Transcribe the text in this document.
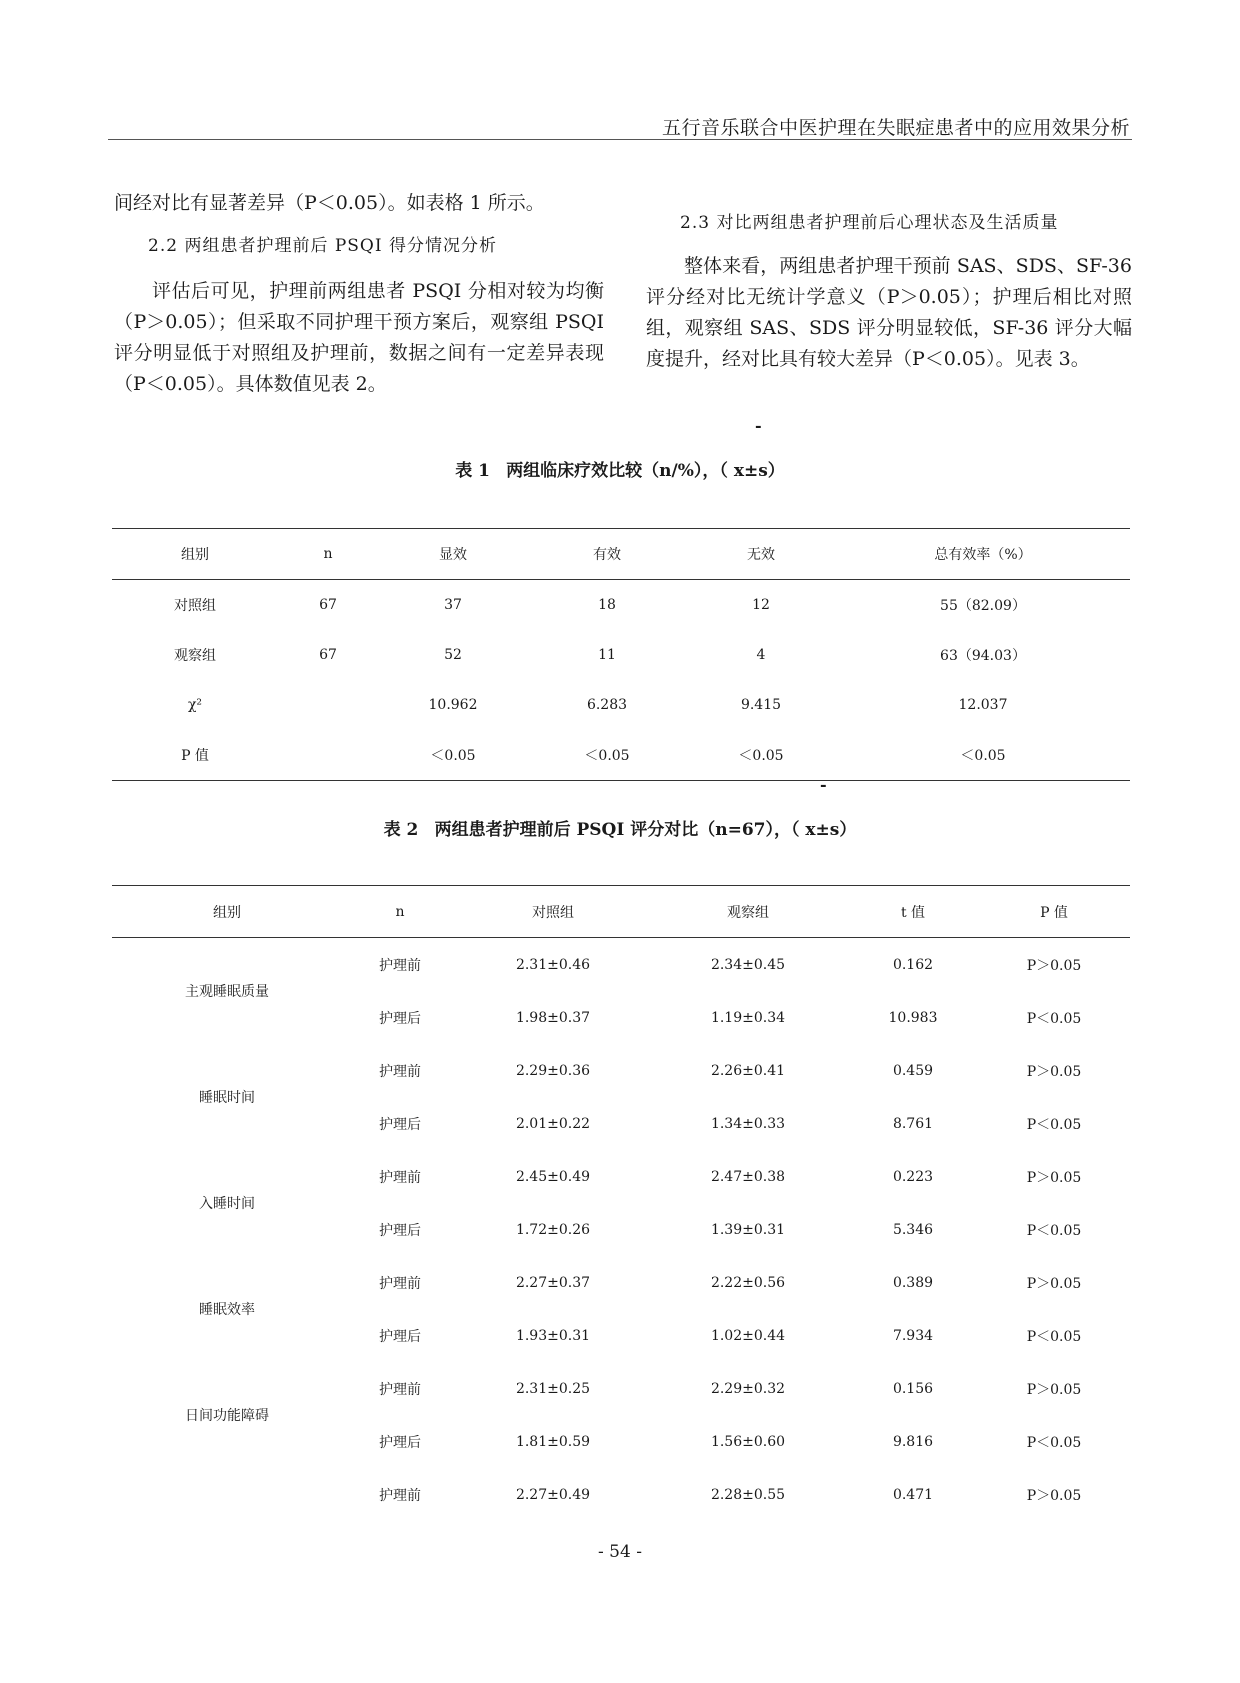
五行音乐联合中医护理在失眠症患者中的应用效果分析

间经对比有显著差异（P＜0.05）。如表格 1 所示。

2.2 两组患者护理前后 PSQI 得分情况分析

评估后可见，护理前两组患者 PSQI 分相对较为均衡（P＞0.05）；但采取不同护理干预方案后，观察组 PSQI 评分明显低于对照组及护理前，数据之间有一定差异表现（P＜0.05）。具体数值见表 2。

2.3 对比两组患者护理前后心理状态及生活质量

整体来看，两组患者护理干预前 SAS、SDS、SF-36 评分经对比无统计学意义（P＞0.05）；护理后相比对照组，观察组 SAS、SDS 评分明显较低，SF-36 评分大幅度提升，经对比具有较大差异（P＜0.05）。见表 3。

-
表 1 两组临床疗效比较（n/%），（ x±s）
组别	n	显效	有效	无效	总有效率（%）
对照组	67	37	18	12	55（82.09）
观察组	67	52	11	4	63（94.03）
χ²		10.962	6.283	9.415	12.037
P 值		＜0.05	＜0.05	＜0.05	＜0.05
-
表 2 两组患者护理前后 PSQI 评分对比（n=67），（ x±s）
组别	n	对照组	观察组	t 值	P 值
主观睡眠质量	护理前	2.31±0.46	2.34±0.45	0.162	P＞0.05
	护理后	1.98±0.37	1.19±0.34	10.983	P＜0.05
睡眠时间	护理前	2.29±0.36	2.26±0.41	0.459	P＞0.05
	护理后	2.01±0.22	1.34±0.33	8.761	P＜0.05
入睡时间	护理前	2.45±0.49	2.47±0.38	0.223	P＞0.05
	护理后	1.72±0.26	1.39±0.31	5.346	P＜0.05
睡眠效率	护理前	2.27±0.37	2.22±0.56	0.389	P＞0.05
	护理后	1.93±0.31	1.02±0.44	7.934	P＜0.05
日间功能障碍	护理前	2.31±0.25	2.29±0.32	0.156	P＞0.05
	护理后	1.81±0.59	1.56±0.60	9.816	P＜0.05
	护理前	2.27±0.49	2.28±0.55	0.471	P＞0.05
- 54 -
